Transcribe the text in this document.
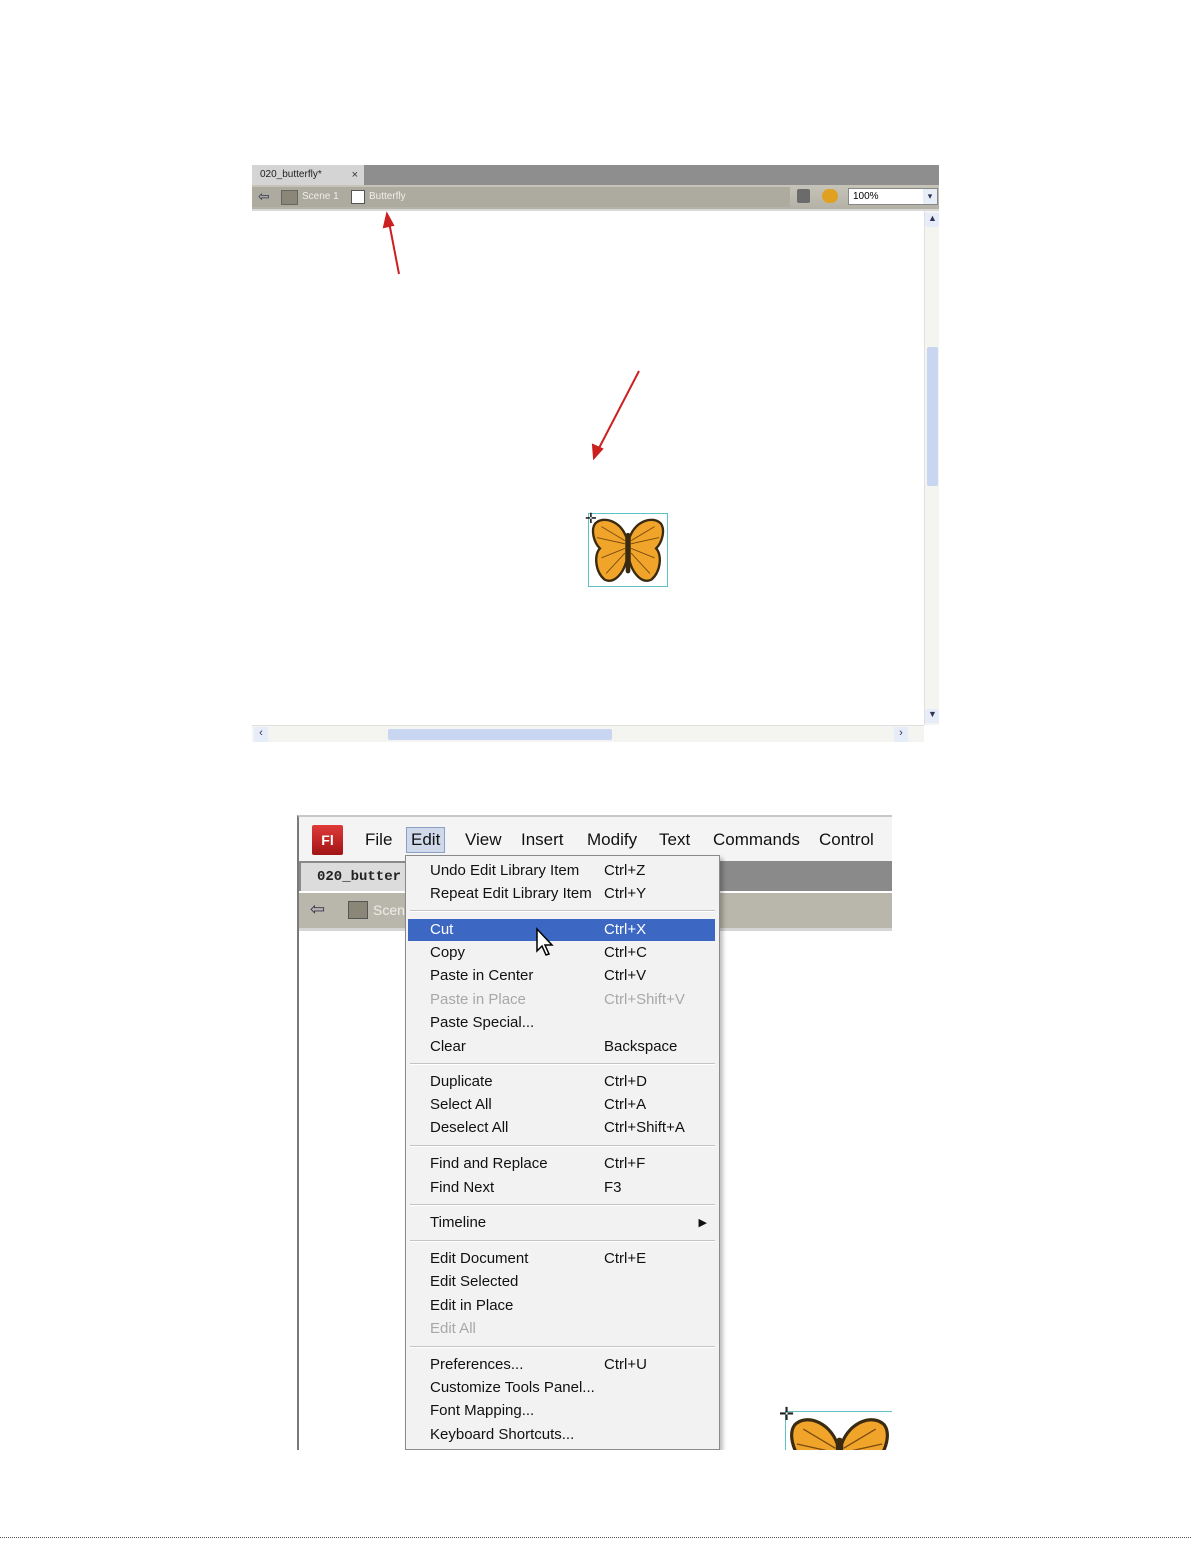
020_butterfly*	×
⇦	Scene 1	Butterfly	100%	▾
✛
▲
▼
‹	›
Fl	File Edit View Insert Modify Text Commands Control
020_butter
⇦	Scen
✛
Undo Edit Library Item Ctrl+Z
Repeat Edit Library Item Ctrl+Y
Cut	Ctrl+X
Copy	Ctrl+C
Paste in Center	Ctrl+V
Paste in Place	Ctrl+Shift+V
Paste Special...
Clear	Backspace
Duplicate	Ctrl+D
Select All	Ctrl+A
Deselect All	Ctrl+Shift+A
Find and Replace	Ctrl+F
Find Next	F3
Timeline	▶
Edit Document	Ctrl+E
Edit Selected
Edit in Place
Edit All
Preferences...	Ctrl+U
Customize Tools Panel...
Font Mapping...
Keyboard Shortcuts...
